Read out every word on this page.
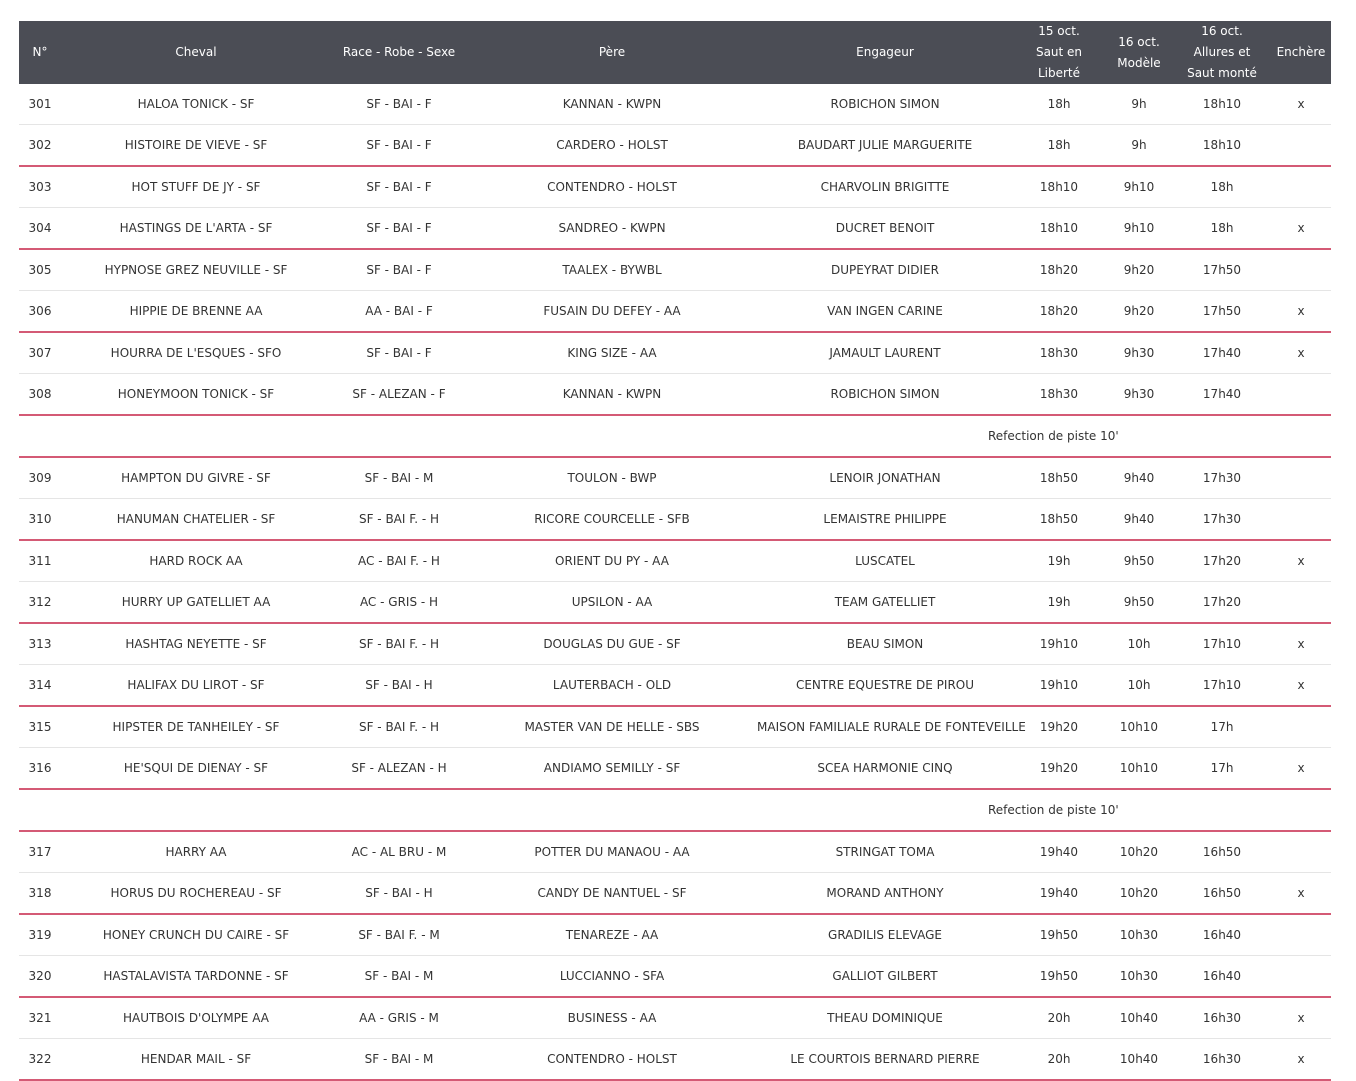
N°	Cheval	Race - Robe - Sexe	Père	Engageur	15 oct.
Saut en
Liberté	16 oct.
Modèle	16 oct.
Allures et
Saut monté	Enchère
301	HALOA TONICK - SF	SF - BAI - F	KANNAN - KWPN	ROBICHON SIMON	18h	9h	18h10	x
302	HISTOIRE DE VIEVE - SF	SF - BAI - F	CARDERO - HOLST	BAUDART JULIE MARGUERITE	18h	9h	18h10	
303	HOT STUFF DE JY - SF	SF - BAI - F	CONTENDRO - HOLST	CHARVOLIN BRIGITTE	18h10	9h10	18h	
304	HASTINGS DE L'ARTA - SF	SF - BAI - F	SANDREO - KWPN	DUCRET BENOIT	18h10	9h10	18h	x
305	HYPNOSE GREZ NEUVILLE - SF	SF - BAI - F	TAALEX - BYWBL	DUPEYRAT DIDIER	18h20	9h20	17h50	
306	HIPPIE DE BRENNE AA	AA - BAI - F	FUSAIN DU DEFEY - AA	VAN INGEN CARINE	18h20	9h20	17h50	x
307	HOURRA DE L'ESQUES - SFO	SF - BAI - F	KING SIZE - AA	JAMAULT LAURENT	18h30	9h30	17h40	x
308	HONEYMOON TONICK - SF	SF - ALEZAN - F	KANNAN - KWPN	ROBICHON SIMON	18h30	9h30	17h40	
Refection de piste 10'								
309	HAMPTON DU GIVRE - SF	SF - BAI - M	TOULON - BWP	LENOIR JONATHAN	18h50	9h40	17h30	
310	HANUMAN CHATELIER - SF	SF - BAI F. - H	RICORE COURCELLE - SFB	LEMAISTRE PHILIPPE	18h50	9h40	17h30	
311	HARD ROCK AA	AC - BAI F. - H	ORIENT DU PY - AA	LUSCATEL	19h	9h50	17h20	x
312	HURRY UP GATELLIET AA	AC - GRIS - H	UPSILON - AA	TEAM GATELLIET	19h	9h50	17h20	
313	HASHTAG NEYETTE - SF	SF - BAI F. - H	DOUGLAS DU GUE - SF	BEAU SIMON	19h10	10h	17h10	x
314	HALIFAX DU LIROT - SF	SF - BAI - H	LAUTERBACH - OLD	CENTRE EQUESTRE DE PIROU	19h10	10h	17h10	x
315	HIPSTER DE TANHEILEY - SF	SF - BAI F. - H	MASTER VAN DE HELLE - SBS	MAISON FAMILIALE RURALE DE FONTEVEILLE	19h20	10h10	17h	
316	HE'SQUI DE DIENAY - SF	SF - ALEZAN - H	ANDIAMO SEMILLY - SF	SCEA HARMONIE CINQ	19h20	10h10	17h	x
Refection de piste 10'								
317	HARRY AA	AC - AL BRU - M	POTTER DU MANAOU - AA	STRINGAT TOMA	19h40	10h20	16h50	
318	HORUS DU ROCHEREAU - SF	SF - BAI - H	CANDY DE NANTUEL - SF	MORAND ANTHONY	19h40	10h20	16h50	x
319	HONEY CRUNCH DU CAIRE - SF	SF - BAI F. - M	TENAREZE - AA	GRADILIS ELEVAGE	19h50	10h30	16h40	
320	HASTALAVISTA TARDONNE - SF	SF - BAI - M	LUCCIANNO - SFA	GALLIOT GILBERT	19h50	10h30	16h40	
321	HAUTBOIS D'OLYMPE AA	AA - GRIS - M	BUSINESS - AA	THEAU DOMINIQUE	20h	10h40	16h30	x
322	HENDAR MAIL - SF	SF - BAI - M	CONTENDRO - HOLST	LE COURTOIS BERNARD PIERRE	20h	10h40	16h30	x
